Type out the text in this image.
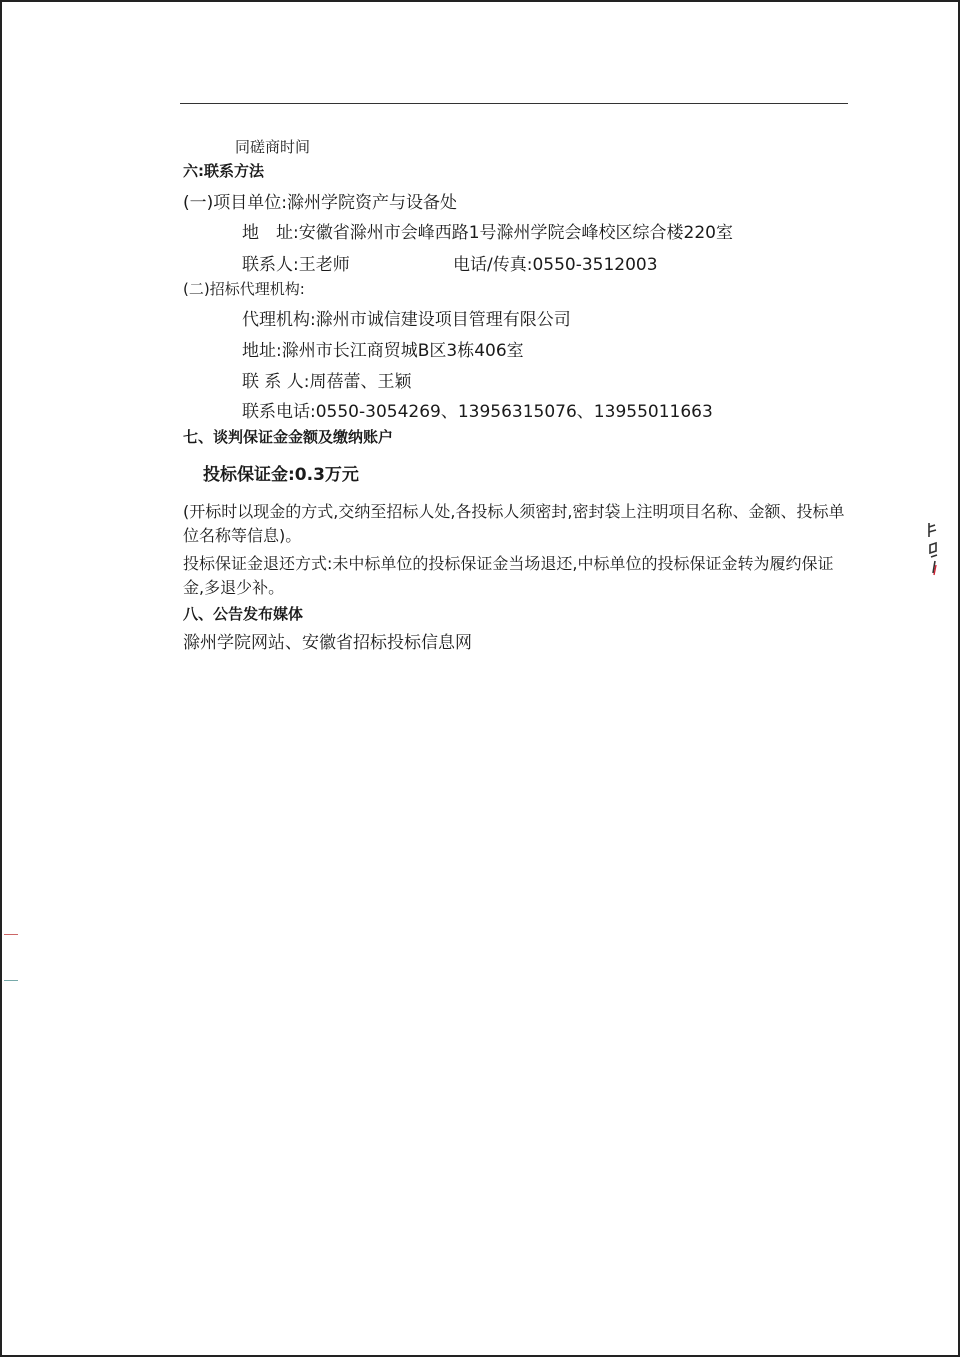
同磋商时间
六:联系方法
(一)项目单位:滁州学院资产与设备处
地　址:安徽省滁州市会峰西路1号滁州学院会峰校区综合楼220室
联系人:王老师	电话/传真:0550-3512003
(二)招标代理机构:
代理机构:滁州市诚信建设项目管理有限公司
地址:滁州市长江商贸城B区3栋406室
联 系 人:周蓓蕾、王颖
联系电话:0550-3054269、13956315076、13955011663
七、谈判保证金金额及缴纳账户
投标保证金:0.3万元
(开标时以现金的方式,交纳至招标人处,各投标人须密封,密封袋上注明项目名称、金额、投标单位名称等信息)。
投标保证金退还方式:未中标单位的投标保证金当场退还,中标单位的投标保证金转为履约保证金,多退少补。
八、公告发布媒体
滁州学院网站、安徽省招标投标信息网
